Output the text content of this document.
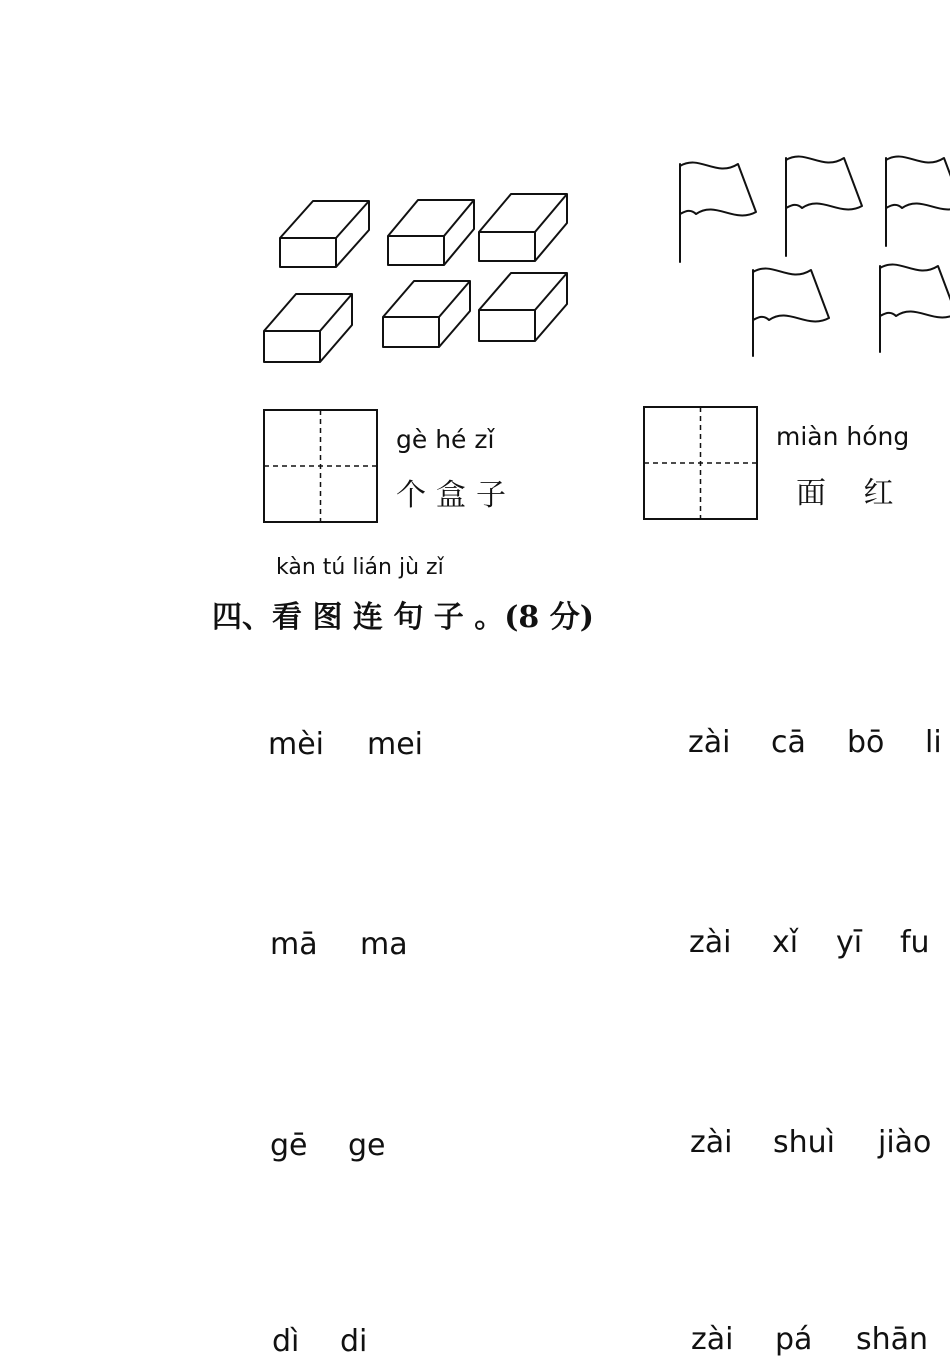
gè hé zǐ
个盒子
miàn hóng
面 红
kàn tú lián jù zǐ
四、看 图 连 句 子 。(8 分)
mèi mei
mā ma
gē ge
dì di
zài cā bō li
zài xǐ yī fu
zài shuì jiào
zài pá shān
